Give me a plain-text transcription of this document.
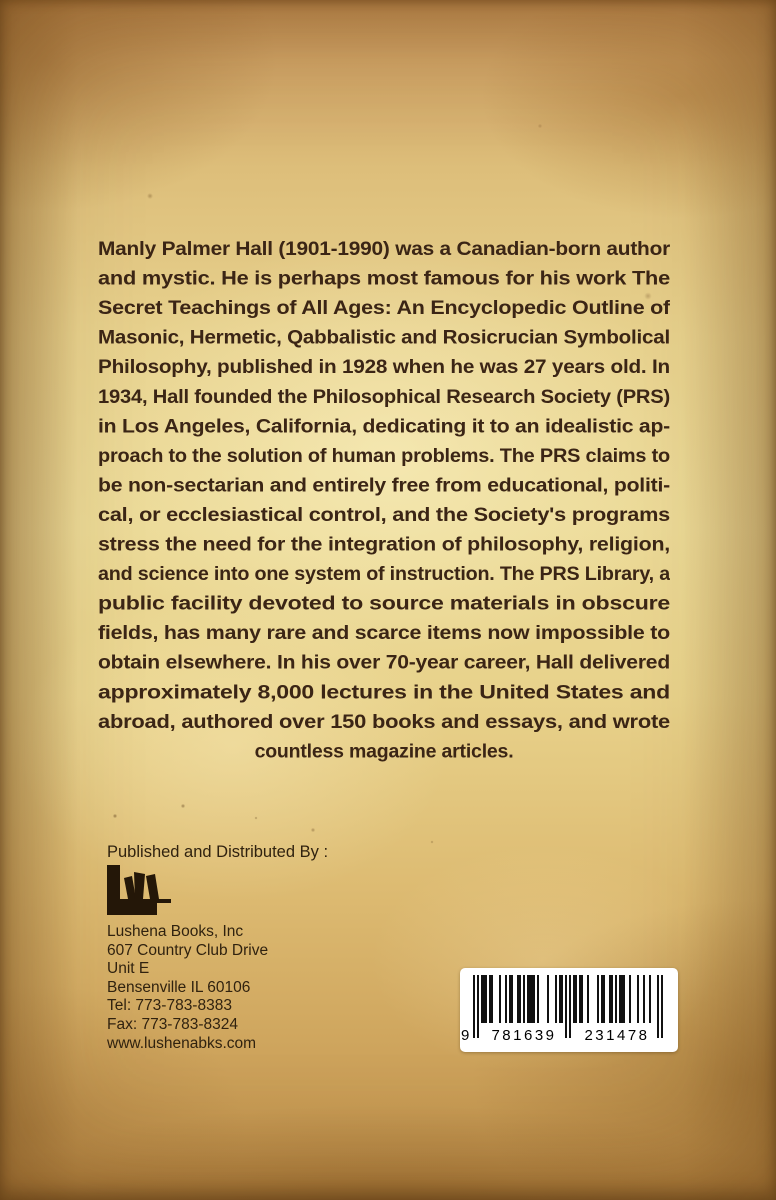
Manly Palmer Hall (1901-1990) was a Canadian-born author
and mystic. He is perhaps most famous for his work The
Secret Teachings of All Ages: An Encyclopedic Outline of
Masonic, Hermetic, Qabbalistic and Rosicrucian Symbolical
Philosophy, published in 1928 when he was 27 years old. In
1934, Hall founded the Philosophical Research Society (PRS)
in Los Angeles, California, dedicating it to an idealistic ap-
proach to the solution of human problems. The PRS claims to
be non-sectarian and entirely free from educational, politi-
cal, or ecclesiastical control, and the Society's programs
stress the need for the integration of philosophy, religion,
and science into one system of instruction. The PRS Library, a
public facility devoted to source materials in obscure
fields, has many rare and scarce items now impossible to
obtain elsewhere. In his over 70-year career, Hall delivered
approximately 8,000 lectures in the United States and
abroad, authored over 150 books and essays, and wrote
countless magazine articles.
Published and Distributed By :
Lushena Books, Inc
607 Country Club Drive
Unit E
Bensenville IL 60106
Tel: 773-783-8383
Fax: 773-783-8324
www.lushenabks.com	9	781639	231478
